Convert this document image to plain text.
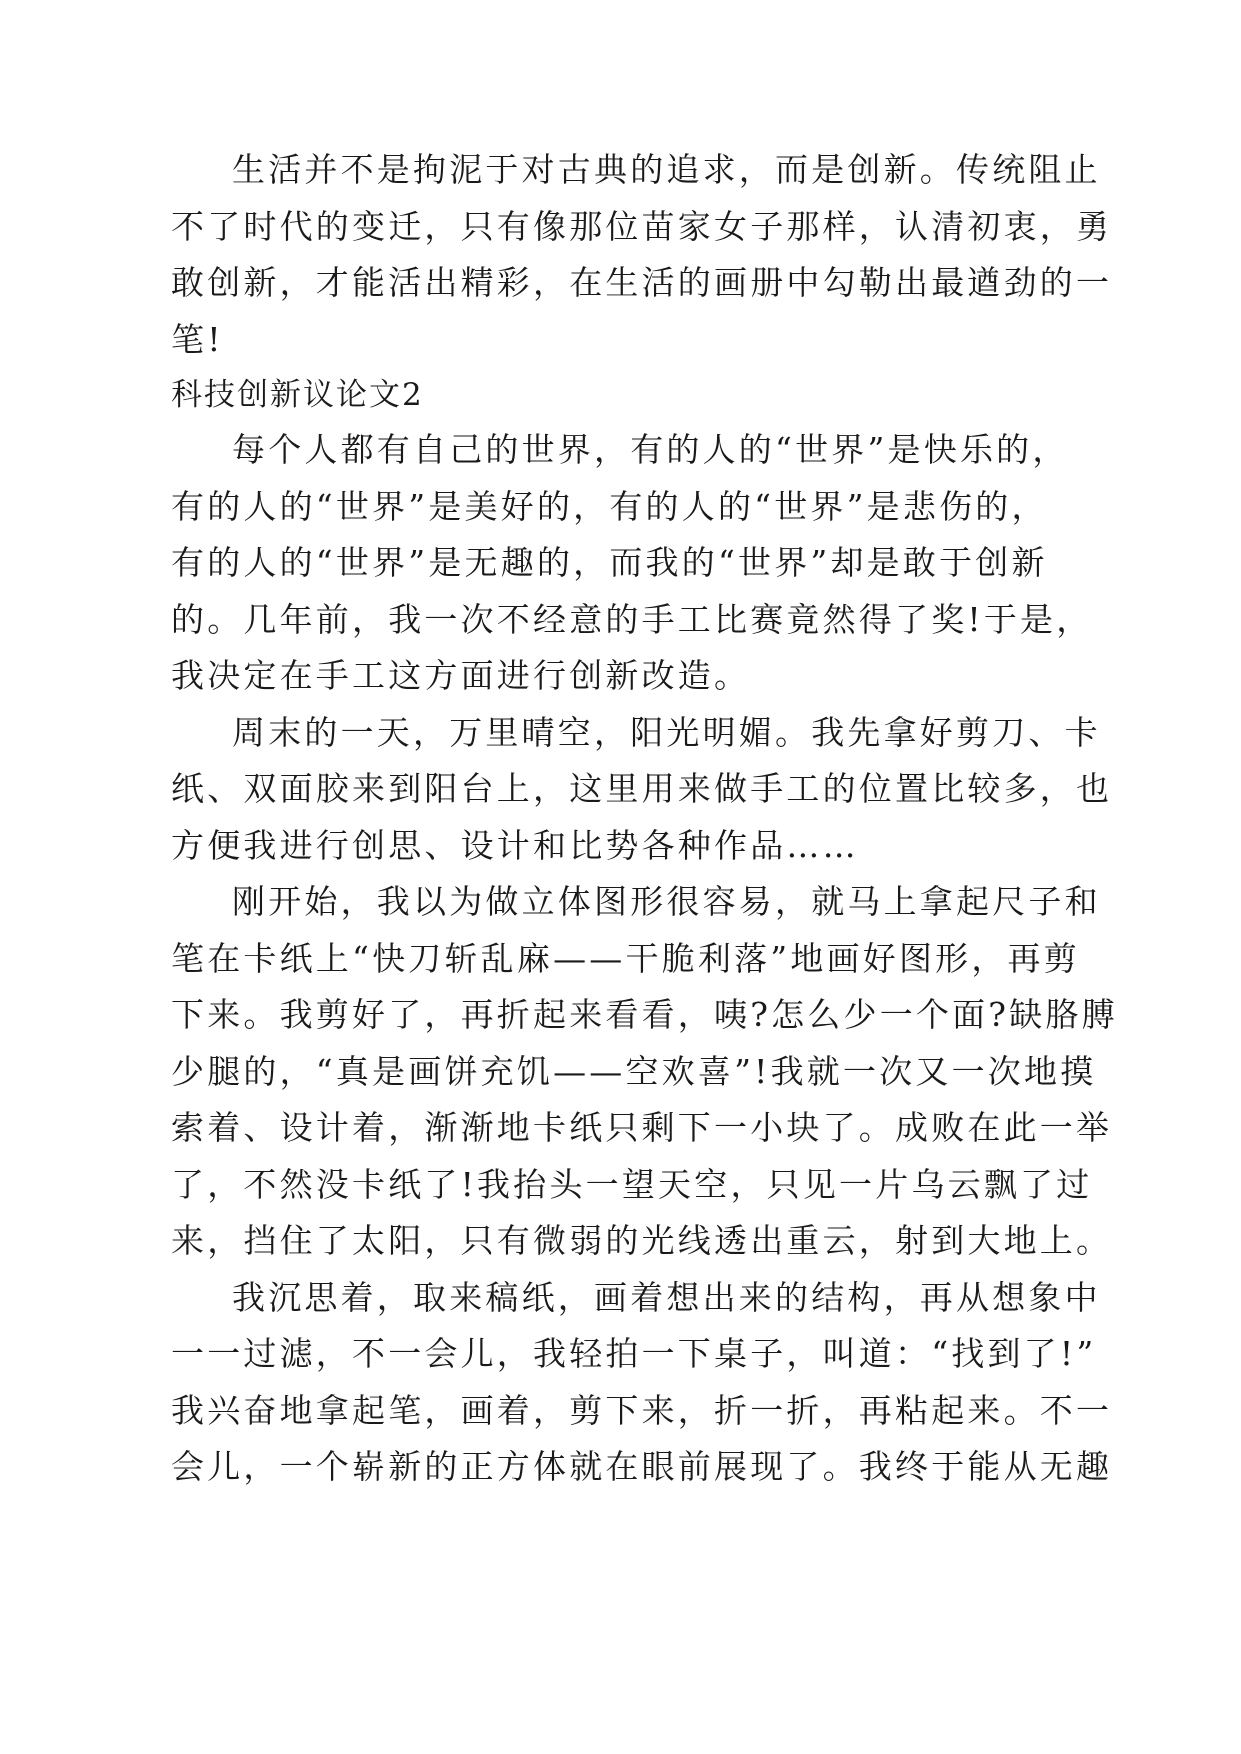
生活并不是拘泥于对古典的追求，而是创新。传统阻止
不了时代的变迁，只有像那位苗家女子那样，认清初衷，勇
敢创新，才能活出精彩，在生活的画册中勾勒出最遒劲的一
笔!
科技创新议论文2
每个人都有自己的世界，有的人的“世界”是快乐的，
有的人的“世界”是美好的，有的人的“世界”是悲伤的，
有的人的“世界”是无趣的，而我的“世界”却是敢于创新
的。几年前，我一次不经意的手工比赛竟然得了奖!于是，
我决定在手工这方面进行创新改造。
周末的一天，万里晴空，阳光明媚。我先拿好剪刀、卡
纸、双面胶来到阳台上，这里用来做手工的位置比较多，也
方便我进行创思、设计和比势各种作品……
刚开始，我以为做立体图形很容易，就马上拿起尺子和
笔在卡纸上“快刀斩乱麻——干脆利落”地画好图形，再剪
下来。我剪好了，再折起来看看，咦?怎么少一个面?缺胳膊
少腿的，“真是画饼充饥——空欢喜”!我就一次又一次地摸
索着、设计着，渐渐地卡纸只剩下一小块了。成败在此一举
了，不然没卡纸了!我抬头一望天空，只见一片乌云飘了过
来，挡住了太阳，只有微弱的光线透出重云，射到大地上。
我沉思着，取来稿纸，画着想出来的结构，再从想象中
一一过滤，不一会儿，我轻拍一下桌子，叫道：“找到了!”
我兴奋地拿起笔，画着，剪下来，折一折，再粘起来。不一
会儿，一个崭新的正方体就在眼前展现了。我终于能从无趣
